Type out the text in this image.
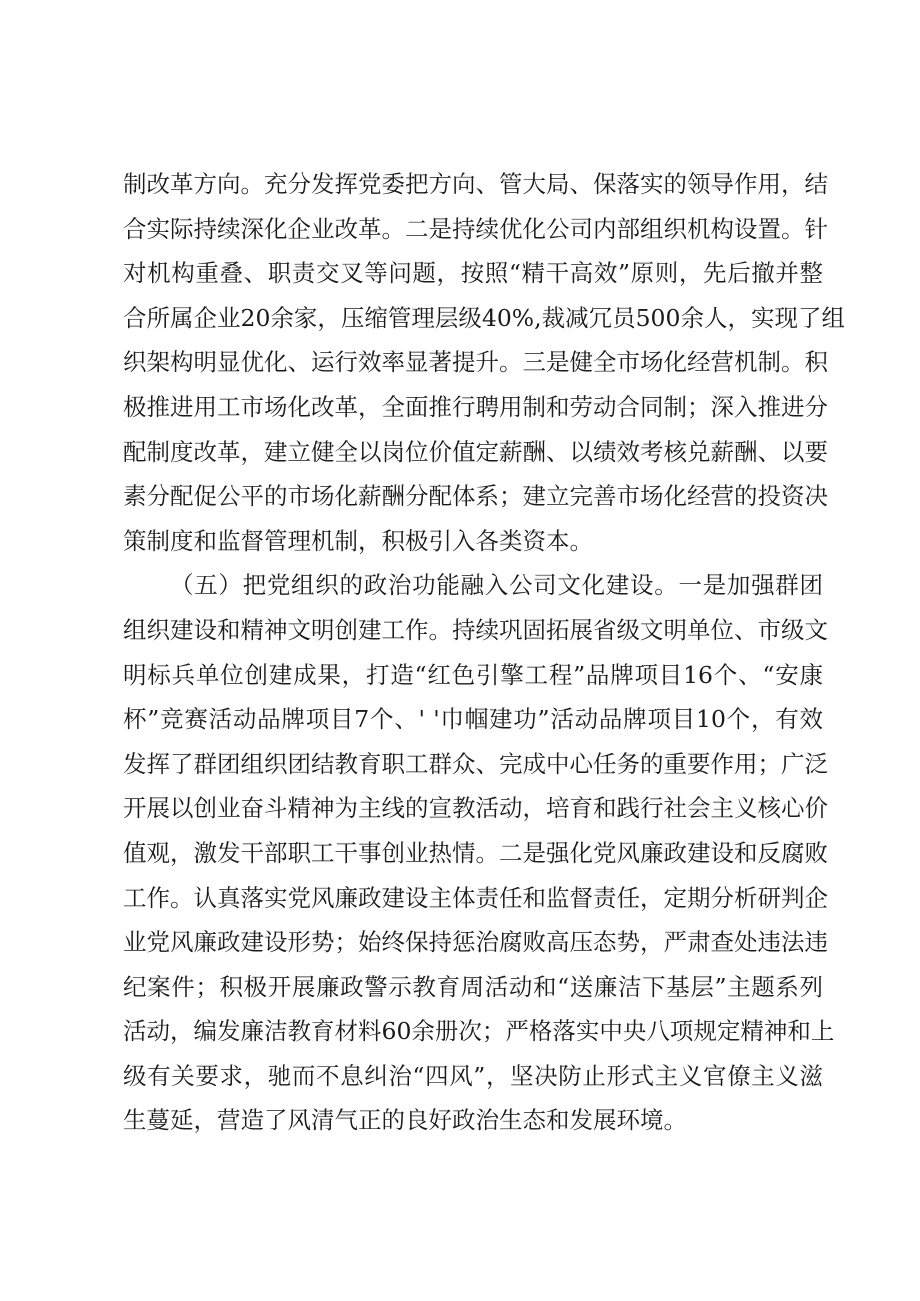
制改革方向。充分发挥党委把方向、管大局、保落实的领导作用，结
合实际持续深化企业改革。二是持续优化公司内部组织机构设置。针
对机构重叠、职责交叉等问题，按照“精干高效”原则，先后撤并整
合所属企业20余家，压缩管理层级40%,裁减冗员500余人，实现了组
织架构明显优化、运行效率显著提升。三是健全市场化经营机制。积
极推进用工市场化改革，全面推行聘用制和劳动合同制；深入推进分
配制度改革，建立健全以岗位价值定薪酬、以绩效考核兑薪酬、以要
素分配促公平的市场化薪酬分配体系；建立完善市场化经营的投资决
策制度和监督管理机制，积极引入各类资本。
（五）把党组织的政治功能融入公司文化建设。一是加强群团
组织建设和精神文明创建工作。持续巩固拓展省级文明单位、市级文
明标兵单位创建成果，打造“红色引擎工程”品牌项目16个、“安康
杯”竞赛活动品牌项目7个、' '巾帼建功”活动品牌项目10个，有效
发挥了群团组织团结教育职工群众、完成中心任务的重要作用；广泛
开展以创业奋斗精神为主线的宣教活动，培育和践行社会主义核心价
值观，激发干部职工干事创业热情。二是强化党风廉政建设和反腐败
工作。认真落实党风廉政建设主体责任和监督责任，定期分析研判企
业党风廉政建设形势；始终保持惩治腐败高压态势，严肃查处违法违
纪案件；积极开展廉政警示教育周活动和“送廉洁下基层”主题系列
活动，编发廉洁教育材料60余册次；严格落实中央八项规定精神和上
级有关要求，驰而不息纠治“四风”，坚决防止形式主义官僚主义滋
生蔓延，营造了风清气正的良好政治生态和发展环境。
